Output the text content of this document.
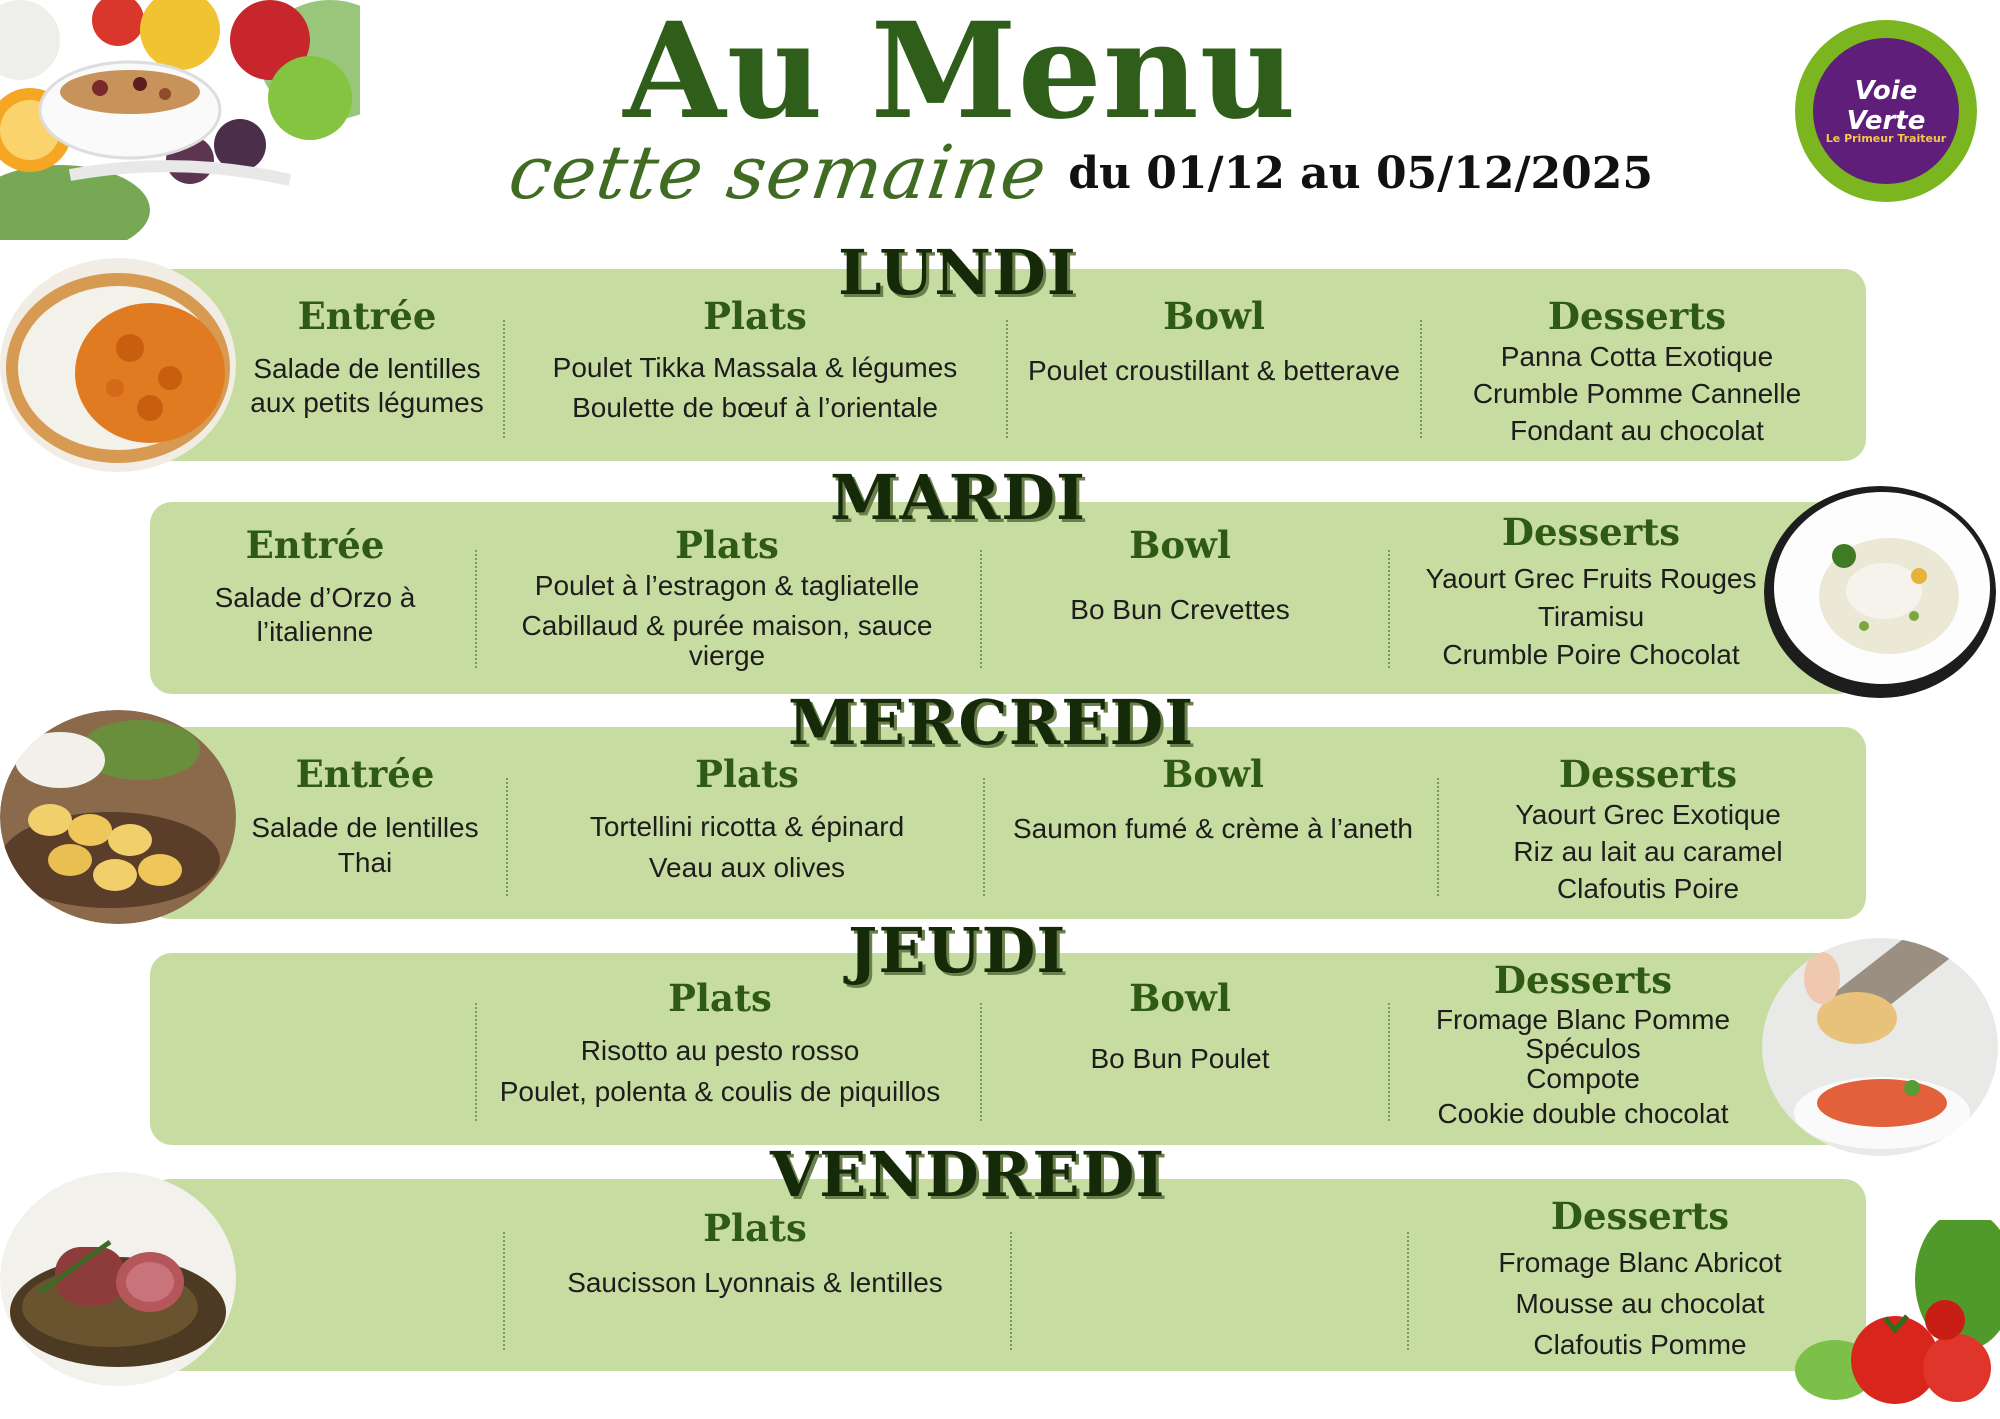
Au Menu
cette semaine du 01/12 au 05/12/2025
Voie Verte
Le Primeur Traiteur
LUNDI
Entrée
Salade de lentilles
aux petits légumes
Plats
Poulet Tikka Massala & légumes
Boulette de bœuf à l’orientale
Bowl
Poulet croustillant & betterave
Desserts
Panna Cotta Exotique
Crumble Pomme Cannelle
Fondant au chocolat
MARDI
Entrée
Salade d’Orzo à
l’italienne
Plats
Poulet à l’estragon & tagliatelle
Cabillaud & purée maison, sauce
vierge
Bowl
Bo Bun Crevettes
Desserts
Yaourt Grec Fruits Rouges
Tiramisu
Crumble Poire Chocolat
MERCREDI
Entrée
Salade de lentilles
Thai
Plats
Tortellini ricotta & épinard
Veau aux olives
Bowl
Saumon fumé & crème à l’aneth
Desserts
Yaourt Grec Exotique
Riz au lait au caramel
Clafoutis Poire
JEUDI
Plats
Risotto au pesto rosso
Poulet, polenta & coulis de piquillos
Bowl
Bo Bun Poulet
Desserts
Fromage Blanc Pomme
Spéculos
Compote
Cookie double chocolat
VENDREDI
Plats
Saucisson Lyonnais & lentilles
Desserts
Fromage Blanc Abricot
Mousse au chocolat
Clafoutis Pomme
